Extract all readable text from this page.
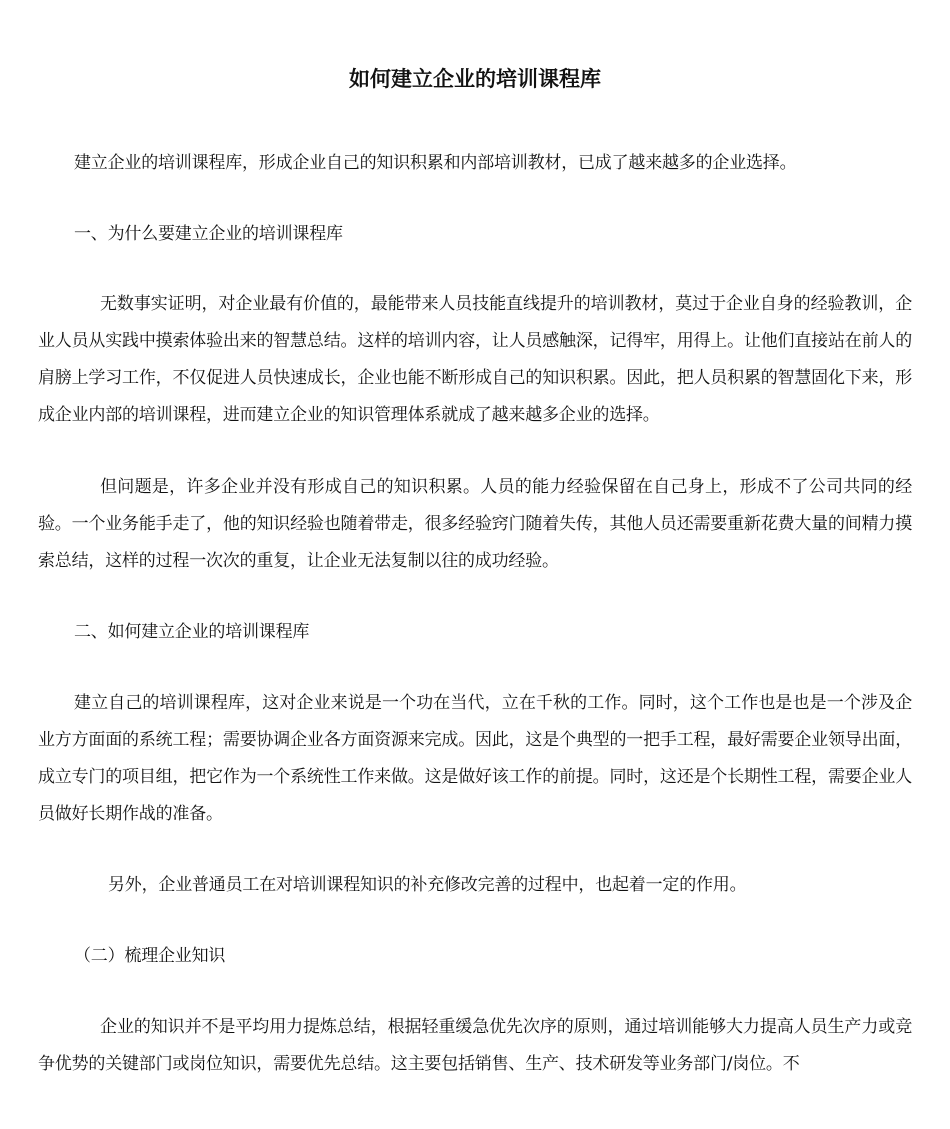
如何建立企业的培训课程库
建立企业的培训课程库，形成企业自己的知识积累和内部培训教材，已成了越来越多的企业选择。
一、为什么要建立企业的培训课程库
无数事实证明，对企业最有价值的，最能带来人员技能直线提升的培训教材，莫过于企业自身的经验教训，企业人员从实践中摸索体验出来的智慧总结。这样的培训内容，让人员感触深，记得牢，用得上。让他们直接站在前人的肩膀上学习工作，不仅促进人员快速成长，企业也能不断形成自己的知识积累。因此，把人员积累的智慧固化下来，形成企业内部的培训课程，进而建立企业的知识管理体系就成了越来越多企业的选择。
但问题是，许多企业并没有形成自己的知识积累。人员的能力经验保留在自己身上，形成不了公司共同的经验。一个业务能手走了，他的知识经验也随着带走，很多经验窍门随着失传，其他人员还需要重新花费大量的间精力摸索总结，这样的过程一次次的重复，让企业无法复制以往的成功经验。
二、如何建立企业的培训课程库
建立自己的培训课程库，这对企业来说是一个功在当代，立在千秋的工作。同时，这个工作也是也是一个涉及企业方方面面的系统工程；需要协调企业各方面资源来完成。因此，这是个典型的一把手工程，最好需要企业领导出面，成立专门的项目组，把它作为一个系统性工作来做。这是做好该工作的前提。同时，这还是个长期性工程，需要企业人员做好长期作战的准备。
另外，企业普通员工在对培训课程知识的补充修改完善的过程中，也起着一定的作用。
（二）梳理企业知识
企业的知识并不是平均用力提炼总结，根据轻重缓急优先次序的原则，通过培训能够大力提高人员生产力或竞争优势的关键部门或岗位知识，需要优先总结。这主要包括销售、生产、技术研发等业务部门/岗位。不
